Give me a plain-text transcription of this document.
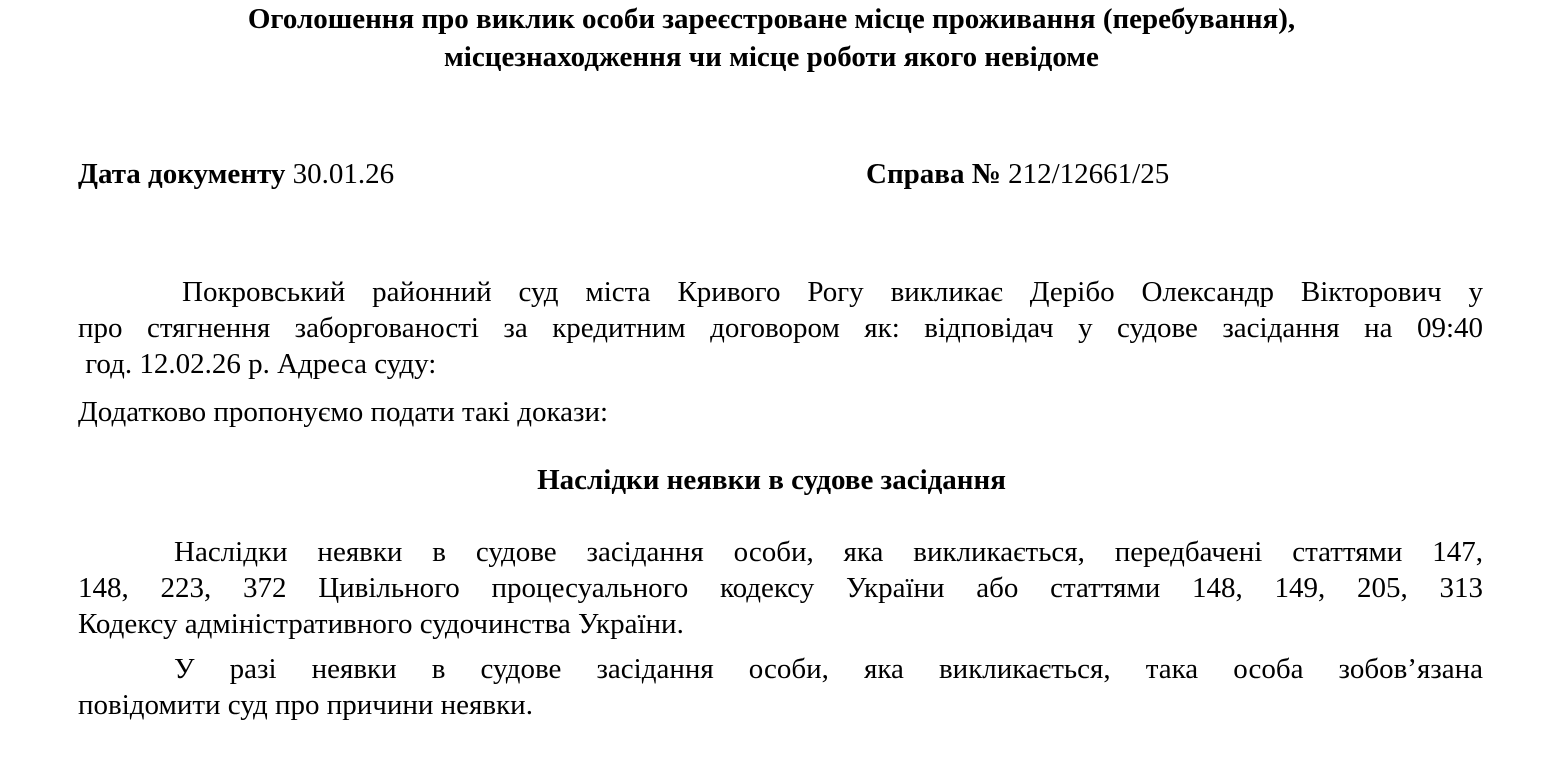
Оголошення про виклик особи зареєстроване місце проживання (перебування),
місцезнаходження чи місце роботи якого невідоме
Дата документу 30.01.26	Справа № 212/12661/25
Покровський районний суд міста Кривого Рогу викликає Дерібо Олександр Вікторович у
про стягнення заборгованості за кредитним договором як: відповідач у судове засідання на 09:40
год. 12.02.26 р. Адреса суду:
Додатково пропонуємо подати такі докази:
Наслідки неявки в судове засідання
Наслідки неявки в судове засідання особи, яка викликається, передбачені статтями 147,
148, 223, 372 Цивільного процесуального кодексу України або статтями 148, 149, 205, 313
Кодексу адміністративного судочинства України.
У разі неявки в судове засідання особи, яка викликається, така особа зобов’язана
повідомити суд про причини неявки.
